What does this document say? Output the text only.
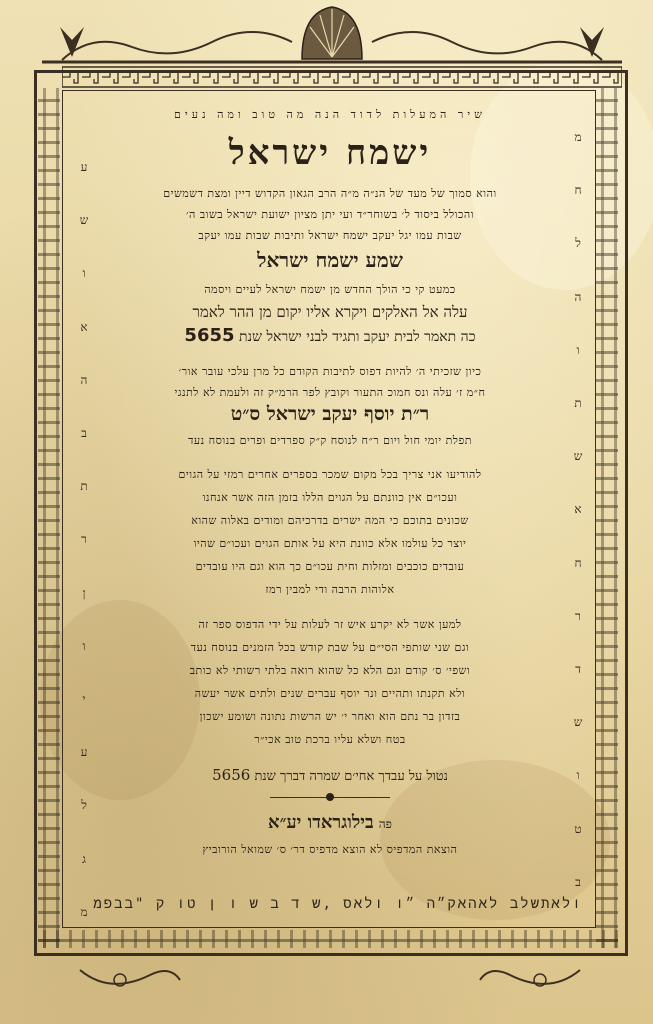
מ
ח
ל
ה
ו
ת
ש
א
ח
ר
ד
ש
ו
ט
ב
ע
ש
ו
א
ה
ב
ת
ר
ן
ו
י
ע
ל
ג
מ
שיר המעלות לדוד הנה מה טוב ומה נעים
ישמח ישראל
והוא סמוך של מעד של הנ״ה מ״ה הרב הגאון הקדוש דיין ומצת דשמשים
והכולל ביסוד ל׳ בשוחר״ד ועי יתן מציון ישועת ישראל בשוב ה׳
שבות עמו יגל יעקב ישמח ישראל ותיבות שבות עמו יעקב
שמע ישמח ישראל
כמעט קי כי הולך החדש מן ישמח ישראל לעיים ויסמה
עלה אל האלקים ויקרא אליו יקום מן ההר לאמר
כה תאמר לבית יעקב ותגיד לבני ישראל שנת 5655
כיון שזכיתי ה׳ להיות דפוס לתיבות הקודם כל מרן עלכי עובר אור׳
ח״מ ז׳ עלה ונס חמוכ התעור וקובץ לפר הרמ״ק זה ולעמת לא לתנגי
ר״ת יוסף יעקב ישראל ס״ט
תפלת יומי חול ויום ר״ח לנוסח ק״ק ספרדים ופרים בנוסח נעד
להודיעו אני צריך בכל מקום שמכר בספרים אחרים רמזי על הגוים
ועכו״ם אין כוונתם על הגוים הללו בזמן הזה אשר אנחנו
שכונים בתוכם כי המה ישרים בדרכיהם ומודים באלוה שהוא
יוצר כל עולמו אלא כוונת היא על אותם הגוים ועכו״ם שהיו
עובדים כוכבים ומזלות וחית עכו״ם כך הוא וגם היו עובדים
אלוהות הרבה ודי למבין רמז
למען אשר לא יקרע איש זר לעלות על ידי הדפוס ספר זה
וגם שני שותפי הסי״ם על שבת קודש בכל הזמנים בנוסח נעד
ושפי׳ ס׳ קודם וגם הלא כל שהוא רואה בלתי רשותי לא כותב
ולא תקנתו ותהיים ונר יוסף עברים שנים ולתים אשר יעשה
בזדון בר נתם הוא ואחר י׳ יש הרשות נתונה ושומע ישכון
בטח ושלא עליו ברכת טוב אכי״ר
נטול על עבדך אחי׳ם שמרה דברך שנת 5656
פה בילוגראדו יע״א
הוצאת המדפיס לא הוצא מדפיס דר׳ ס׳ שמואל הורוביץ
ולאתשלב לאהאק״ה ״ו ולאס ,ש ד ב ש ו ן טו ק "בבפמ
